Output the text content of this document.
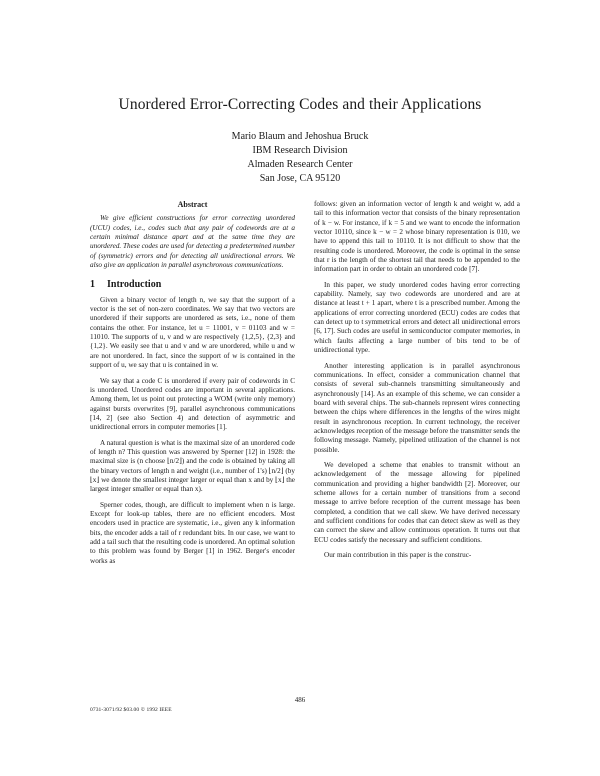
Unordered Error-Correcting Codes and their Applications
Mario Blaum and Jehoshua Bruck
IBM Research Division
Almaden Research Center
San Jose, CA 95120
Abstract

We give efficient constructions for error correcting unordered (UCU) codes, i.e., codes such that any pair of codewords are at a certain minimal distance apart and at the same time they are unordered. These codes are used for detecting a predetermined number of (symmetric) errors and for detecting all unidirectional errors. We also give an application in parallel asynchronous communications.

1 Introduction

Given a binary vector of length n, we say that the support of a vector is the set of non-zero coordinates. We say that two vectors are unordered if their supports are unordered as sets, i.e., none of them contains the other. For instance, let u = 11001, v = 01103 and w = 11010. The supports of u, v and w are respectively {1,2,5}, {2,3} and {1,2}. We easily see that u and v and w are unordered, while u and w are not unordered. In fact, since the support of w is contained in the support of u, we say that u is contained in w.

We say that a code C is unordered if every pair of codewords in C is unordered. Unordered codes are important in several applications. Among them, let us point out protecting a WOM (write only memory) against bursts overwrites [9], parallel asynchronous communications [14, 2] (see also Section 4) and detection of asymmetric and unidirectional errors in computer memories [1].

A natural question is what is the maximal size of an unordered code of length n? This question was answered by Sperner [12] in 1928: the maximal size is (n choose ⌊n/2⌋) and the code is obtained by taking all the binary vectors of length n and weight (i.e., number of 1's) ⌊n/2⌋ (by ⌊x⌋ we denote the smallest integer larger or equal than x and by ⌊x⌋ the largest integer smaller or equal than x).

Sperner codes, though, are difficult to implement when n is large. Except for look-up tables, there are no efficient encoders. Most encoders used in practice are systematic, i.e., given any k information bits, the encoder adds a tail of r redundant bits. In our case, we want to add a tail such that the resulting code is unordered. An optimal solution to this problem was found by Berger [1] in 1962. Berger's encoder works as

follows: given an information vector of length k and weight w, add a tail to this information vector that consists of the binary representation of k − w. For instance, if k = 5 and we want to encode the information vector 10110, since k − w = 2 whose binary representation is 010, we have to append this tail to 10110. It is not difficult to show that the resulting code is unordered. Moreover, the code is optimal in the sense that r is the length of the shortest tail that needs to be appended to the information part in order to obtain an unordered code [7].

In this paper, we study unordered codes having error correcting capability. Namely, say two codewords are unordered and are at distance at least t + 1 apart, where t is a prescribed number. Among the applications of error correcting unordered (ECU) codes are codes that can detect up to t symmetrical errors and detect all unidirectional errors [6, 17]. Such codes are useful in semiconductor computer memories, in which faults affecting a large number of bits tend to be of unidirectional type.

Another interesting application is in parallel asynchronous communications. In effect, consider a communication channel that consists of several sub-channels transmitting simultaneously and asynchronously [14]. As an example of this scheme, we can consider a board with several chips. The sub-channels represent wires connecting between the chips where differences in the lengths of the wires might result in asynchronous reception. In current technology, the receiver acknowledges reception of the message before the transmitter sends the following message. Namely, pipelined utilization of the channel is not possible.

We developed a scheme that enables to transmit without an acknowledgement of the message allowing for pipelined communication and providing a higher bandwidth [2]. Moreover, our scheme allows for a certain number of transitions from a second message to arrive before reception of the current message has been completed, a condition that we call skew. We have derived necessary and sufficient conditions for codes that can detect skew as well as they can correct the skew and allow continuous operation. It turns out that ECU codes satisfy the necessary and sufficient conditions.

Our main contribution in this paper is the construc-

486
0731-3071/92 $03.00 © 1992 IEEE
